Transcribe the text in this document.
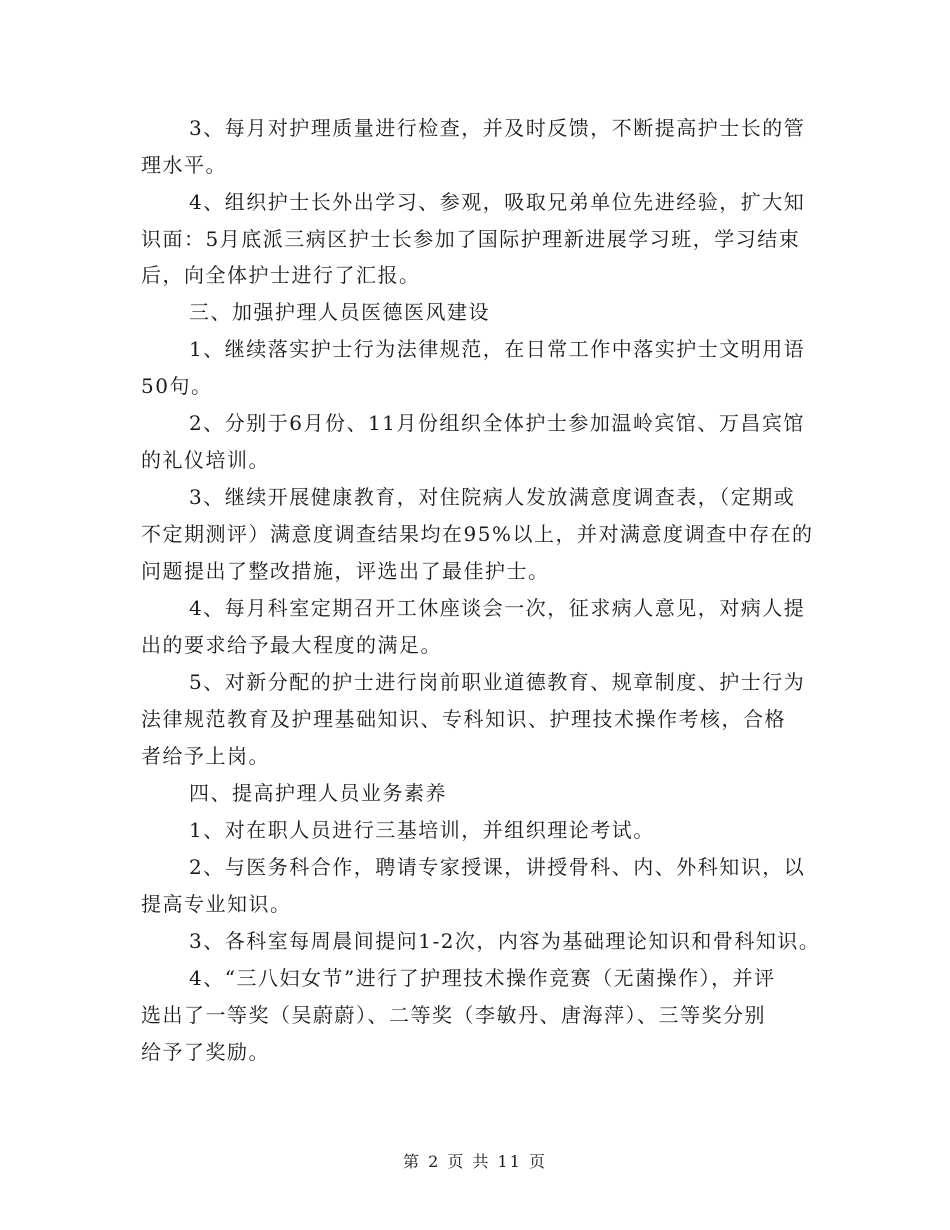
3、每月对护理质量进行检查，并及时反馈，不断提高护士长的管
理水平。
4、组织护士长外出学习、参观，吸取兄弟单位先进经验，扩大知
识面：5月底派三病区护士长参加了国际护理新进展学习班，学习结束
后，向全体护士进行了汇报。
三、加强护理人员医德医风建设
1、继续落实护士行为法律规范，在日常工作中落实护士文明用语
50句。
2、分别于6月份、11月份组织全体护士参加温岭宾馆、万昌宾馆
的礼仪培训。
3、继续开展健康教育，对住院病人发放满意度调查表，（定期或
不定期测评）满意度调查结果均在95%以上，并对满意度调查中存在的
问题提出了整改措施，评选出了最佳护士。
4、每月科室定期召开工休座谈会一次，征求病人意见，对病人提
出的要求给予最大程度的满足。
5、对新分配的护士进行岗前职业道德教育、规章制度、护士行为
法律规范教育及护理基础知识、专科知识、护理技术操作考核，合格
者给予上岗。
四、提高护理人员业务素养
1、对在职人员进行三基培训，并组织理论考试。
2、与医务科合作，聘请专家授课，讲授骨科、内、外科知识，以
提高专业知识。
3、各科室每周晨间提问1-2次，内容为基础理论知识和骨科知识。
4、“三八妇女节”进行了护理技术操作竞赛（无菌操作），并评
选出了一等奖（吴蔚蔚）、二等奖（李敏丹、唐海萍）、三等奖分别
给予了奖励。
第 2 页 共 11 页
